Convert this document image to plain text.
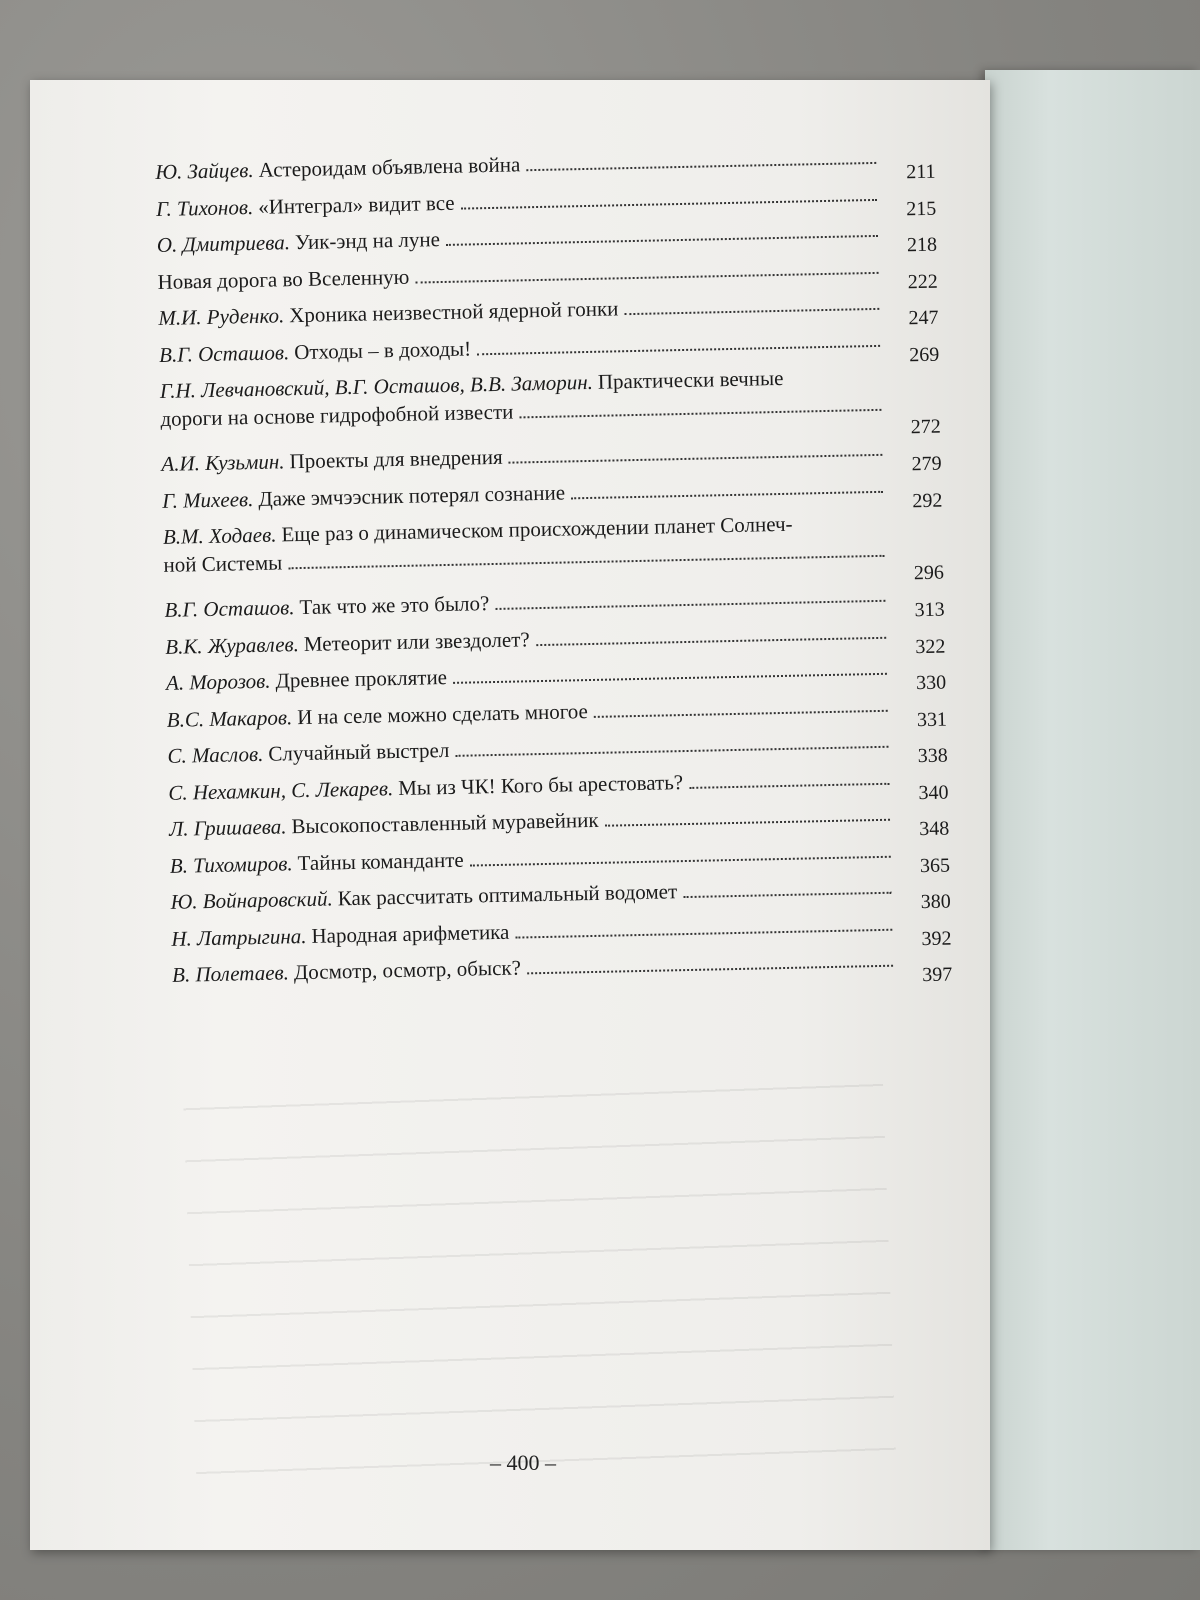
Ю. Зайцев. Астероидам объявлена война	211
Г. Тихонов. «Интеграл» видит все	215
О. Дмитриева. Уик-энд на луне	218
Новая дорога во Вселенную	222
М.И. Руденко. Хроника неизвестной ядерной гонки	247
В.Г. Осташов. Отходы – в доходы!	269
Г.Н. Левчановский, В.Г. Осташов, В.В. Заморин. Практически вечные
дороги на основе гидрофобной извести	272
А.И. Кузьмин. Проекты для внедрения	279
Г. Михеев. Даже эмчээсник потерял сознание	292
В.М. Ходаев. Еще раз о динамическом происхождении планет Солнеч-
ной Системы	296
В.Г. Осташов. Так что же это было?	313
В.К. Журавлев. Метеорит или звездолет?	322
А. Морозов. Древнее проклятие	330
В.С. Макаров. И на селе можно сделать многое	331
С. Маслов. Случайный выстрел	338
С. Нехамкин, С. Лекарев. Мы из ЧК! Кого бы арестовать?	340
Л. Гришаева. Высокопоставленный муравейник	348
В. Тихомиров. Тайны команданте	365
Ю. Войнаровский. Как рассчитать оптимальный водомет	380
Н. Латрыгина. Народная арифметика	392
В. Полетаев. Досмотр, осмотр, обыск?	397
– 400 –
